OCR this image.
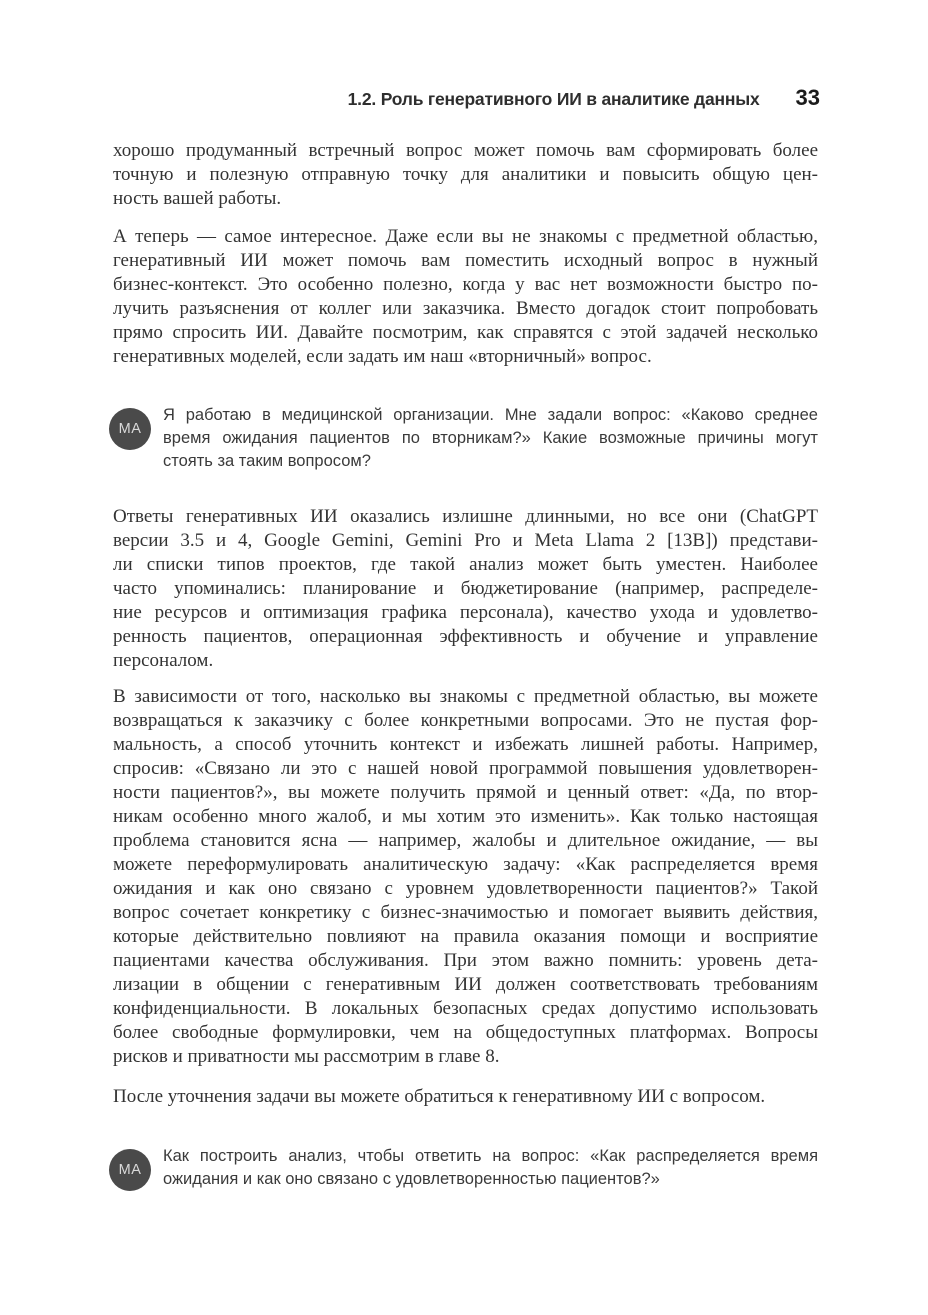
1.2. Роль генеративного ИИ в аналитике данных 33
хорошо продуманный встречный вопрос может помочь вам сформировать более
точную и полезную отправную точку для аналитики и повысить общую цен-
ность вашей работы.
А теперь — самое интересное. Даже если вы не знакомы с предметной областью,
генеративный ИИ может помочь вам поместить исходный вопрос в нужный
бизнес-контекст. Это особенно полезно, когда у вас нет возможности быстро по-
лучить разъяснения от коллег или заказчика. Вместо догадок стоит попробовать
прямо спросить ИИ. Давайте посмотрим, как справятся с этой задачей несколько
генеративных моделей, если задать им наш «вторничный» вопрос.
МА
Я работаю в медицинской организации. Мне задали вопрос: «Каково среднее
время ожидания пациентов по вторникам?» Какие возможные причины могут
стоять за таким вопросом?
Ответы генеративных ИИ оказались излишне длинными, но все они (ChatGPT
версии 3.5 и 4, Google Gemini, Gemini Pro и Meta Llama 2 [13B]) представи-
ли списки типов проектов, где такой анализ может быть уместен. Наиболее
часто упоминались: планирование и бюджетирование (например, распределе-
ние ресурсов и оптимизация графика персонала), качество ухода и удовлетво-
ренность пациентов, операционная эффективность и обучение и управление
персоналом.
В зависимости от того, насколько вы знакомы с предметной областью, вы можете
возвращаться к заказчику с более конкретными вопросами. Это не пустая фор-
мальность, а способ уточнить контекст и избежать лишней работы. Например,
спросив: «Связано ли это с нашей новой программой повышения удовлетворен-
ности пациентов?», вы можете получить прямой и ценный ответ: «Да, по втор-
никам особенно много жалоб, и мы хотим это изменить». Как только настоящая
проблема становится ясна — например, жалобы и длительное ожидание, — вы
можете переформулировать аналитическую задачу: «Как распределяется время
ожидания и как оно связано с уровнем удовлетворенности пациентов?» Такой
вопрос сочетает конкретику с бизнес-значимостью и помогает выявить действия,
которые действительно повлияют на правила оказания помощи и восприятие
пациентами качества обслуживания. При этом важно помнить: уровень дета-
лизации в общении с генеративным ИИ должен соответствовать требованиям
конфиденциальности. В локальных безопасных средах допустимо использовать
более свободные формулировки, чем на общедоступных платформах. Вопросы
рисков и приватности мы рассмотрим в главе 8.
После уточнения задачи вы можете обратиться к генеративному ИИ с вопросом.
МА
Как построить анализ, чтобы ответить на вопрос: «Как распределяется время
ожидания и как оно связано с удовлетворенностью пациентов?»
